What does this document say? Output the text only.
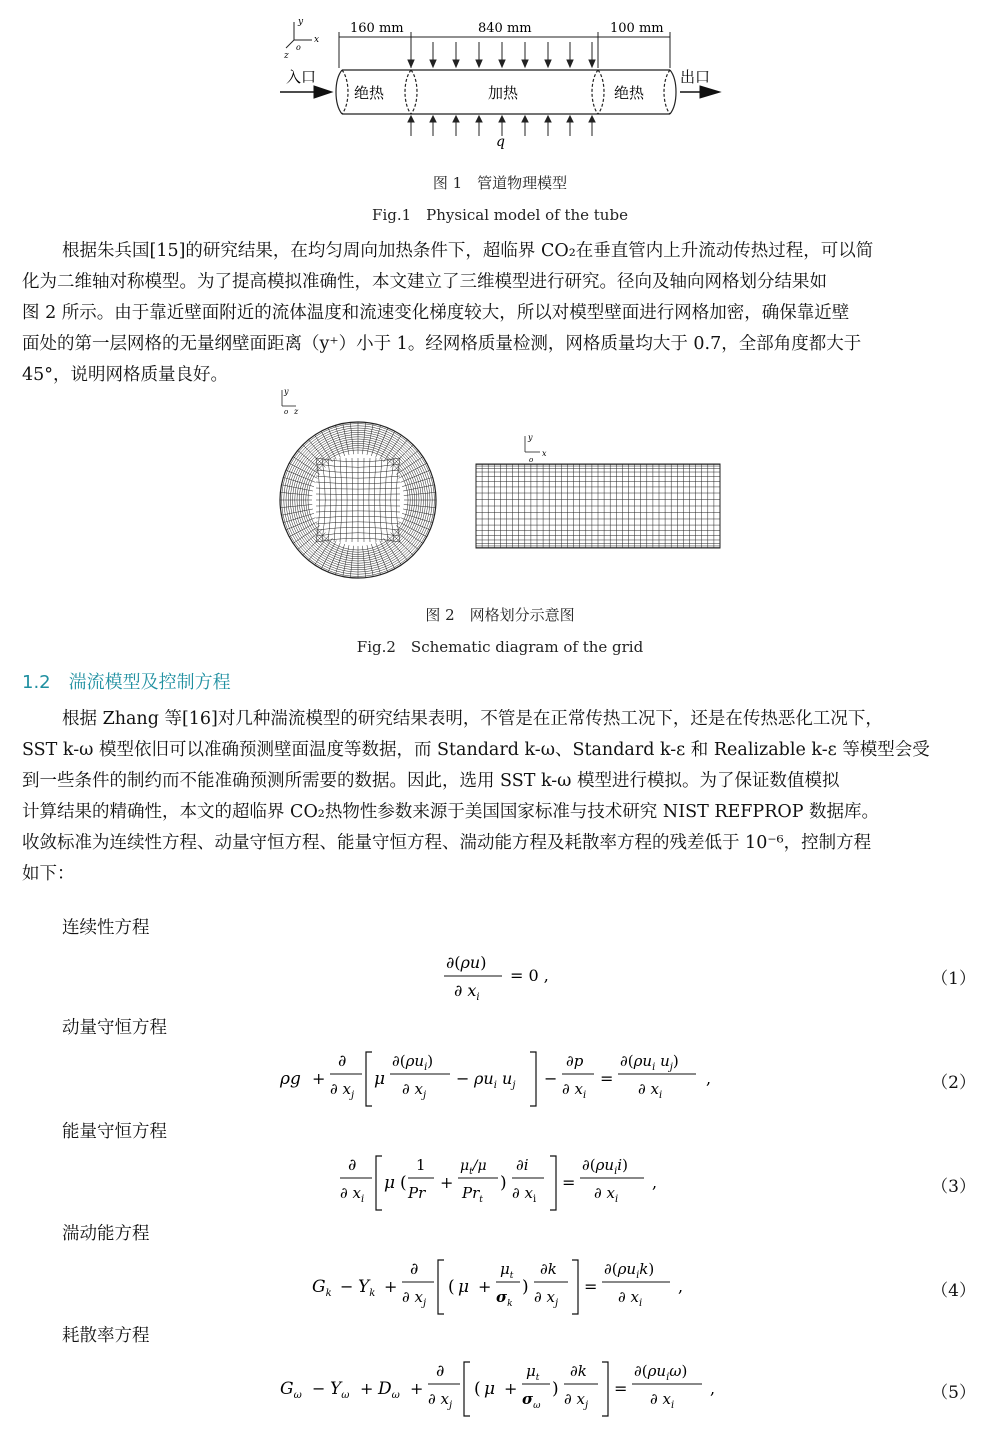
y
x
z
o
160 mm	840 mm	100 mm
入口	出口
绝热	加热	绝热
q
图 1　管道物理模型
Fig.1　Physical model of the tube
根据朱兵国[15]的研究结果，在均匀周向加热条件下，超临界 CO₂在垂直管内上升流动传热过程，可以简
化为二维轴对称模型。为了提高模拟准确性，本文建立了三维模型进行研究。径向及轴向网格划分结果如
图 2 所示。由于靠近壁面附近的流体温度和流速变化梯度较大，所以对模型壁面进行网格加密，确保靠近壁
面处的第一层网格的无量纲壁面距离（y⁺）小于 1。经网格质量检测，网格质量均大于 0.7，全部角度都大于
45°，说明网格质量良好。
y
o z
y
o
x
图 2　网格划分示意图
Fig.2　Schematic diagram of the grid
1.2 湍流模型及控制方程
根据 Zhang 等[16]对几种湍流模型的研究结果表明，不管是在正常传热工况下，还是在传热恶化工况下，
SST k-ω 模型依旧可以准确预测壁面温度等数据，而 Standard k-ω、Standard k-ε 和 Realizable k-ε 等模型会受
到一些条件的制约而不能准确预测所需要的数据。因此，选用 SST k-ω 模型进行模拟。为了保证数值模拟
计算结果的精确性，本文的超临界 CO₂热物性参数来源于美国国家标准与技术研究 NIST REFPROP 数据库。
收敛标准为连续性方程、动量守恒方程、能量守恒方程、湍动能方程及耗散率方程的残差低于 10⁻⁶，控制方程
如下：
连续性方程
∂(ρu)
∂ $x_i$
= 0 ,	（1）
动量守恒方程
ρg +
∂
∂ $x_j$
μ
$\partial(\rho u_i)$
∂ $x_j$
− $\rho u_i$ $u_j$ −
∂p
∂ $x_i$
=
$\partial(\rho u_i$ $u_j$)
∂ $x_i$
,	（2）
能量守恒方程
∂
∂ $x_i$
μ (
1
Pr
+
$\mu_t/\mu$
$Pr_t$
)
∂i
∂ $x_i$
=
$\partial(\rho u_ii)$
∂ $x_i$
,	（3）
湍动能方程
$G_k - Y_k$ +
∂
∂ $x_j$
( μ +
$\mu_t$
$\sigma_k$
)
∂k
∂ $x_j$
=
$\partial(\rho u_ik)$
∂ $x_i$
,	（4）
耗散率方程
$G_\omega - Y_\omega + D_\omega$ +
∂
∂ $x_j$
( μ +
$\mu_t$
$\sigma_\omega$
)
∂k
∂ $x_j$
=
$\partial(\rho u_i\omega)$
∂ $x_i$
,	（5）
